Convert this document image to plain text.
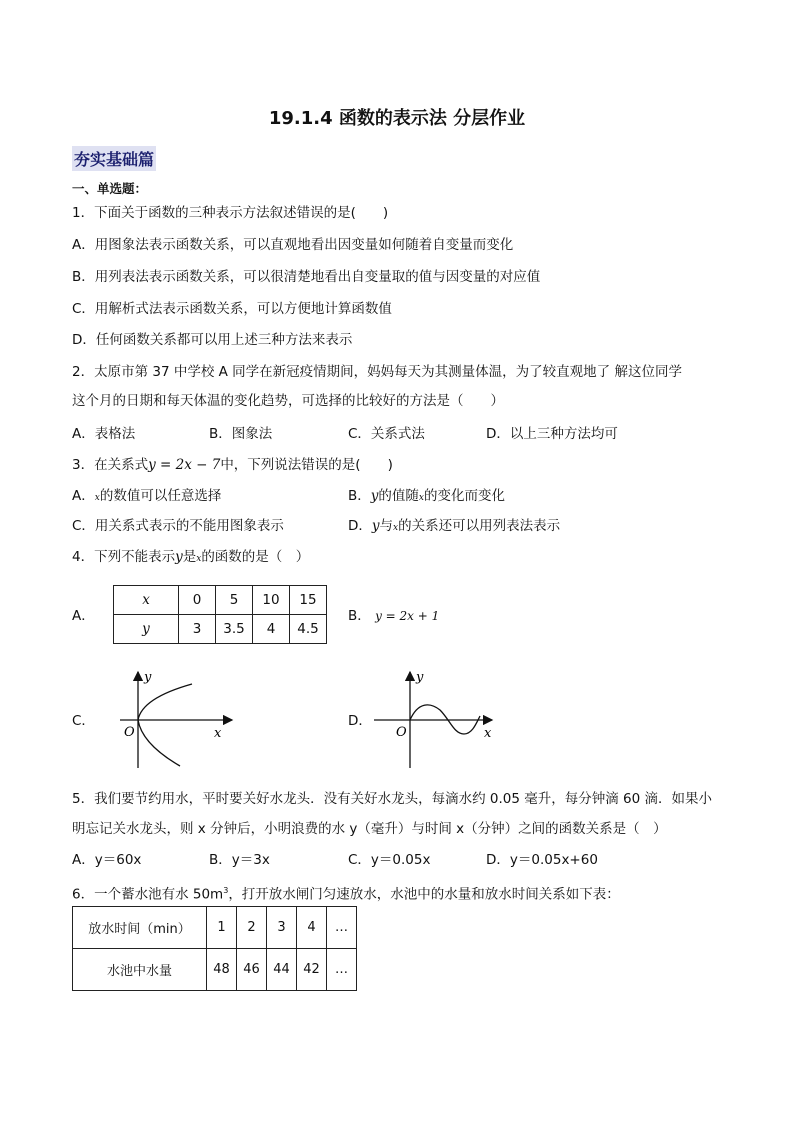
19.1.4 函数的表示法 分层作业
夯实基础篇
一、单选题：
1．下面关于函数的三种表示方法叙述错误的是(　　)
A．用图象法表示函数关系，可以直观地看出因变量如何随着自变量而变化
B．用列表法表示函数关系，可以很清楚地看出自变量取的值与因变量的对应值
C．用解析式法表示函数关系，可以方便地计算函数值
D．任何函数关系都可以用上述三种方法来表示
2．太原市第 37 中学校 A 同学在新冠疫情期间，妈妈每天为其测量体温，为了较直观地了 解这位同学
这个月的日期和每天体温的变化趋势，可选择的比较好的方法是（　　）
A．表格法	B．图象法	C．关系式法	D．以上三种方法均可
3．在关系式y = 2x − 7中，下列说法错误的是(　　)
A．x的数值可以任意选择	B．y的值随x的变化而变化
C．用关系式表示的不能用图象表示	D．y与x的关系还可以用列表法表示
4．下列不能表示y是x的函数的是（　）
A．
x	0	5	10	15
y	3	3.5	4	4.5
B． y = 2x + 1
C．
y
x
O
D．
y
x
O
5．我们要节约用水，平时要关好水龙头．没有关好水龙头，每滴水约 0.05 毫升，每分钟滴 60 滴．如果小
明忘记关水龙头，则 x 分钟后，小明浪费的水 y（毫升）与时间 x（分钟）之间的函数关系是（　）
A．y＝60x	B．y＝3x	C．y＝0.05x	D．y＝0.05x+60
6．一个蓄水池有水 $50m^3$，打开放水闸门匀速放水，水池中的水量和放水时间关系如下表：
放水时间（min）	1	2	3	4	…
水池中水量	48	46	44	42	…
